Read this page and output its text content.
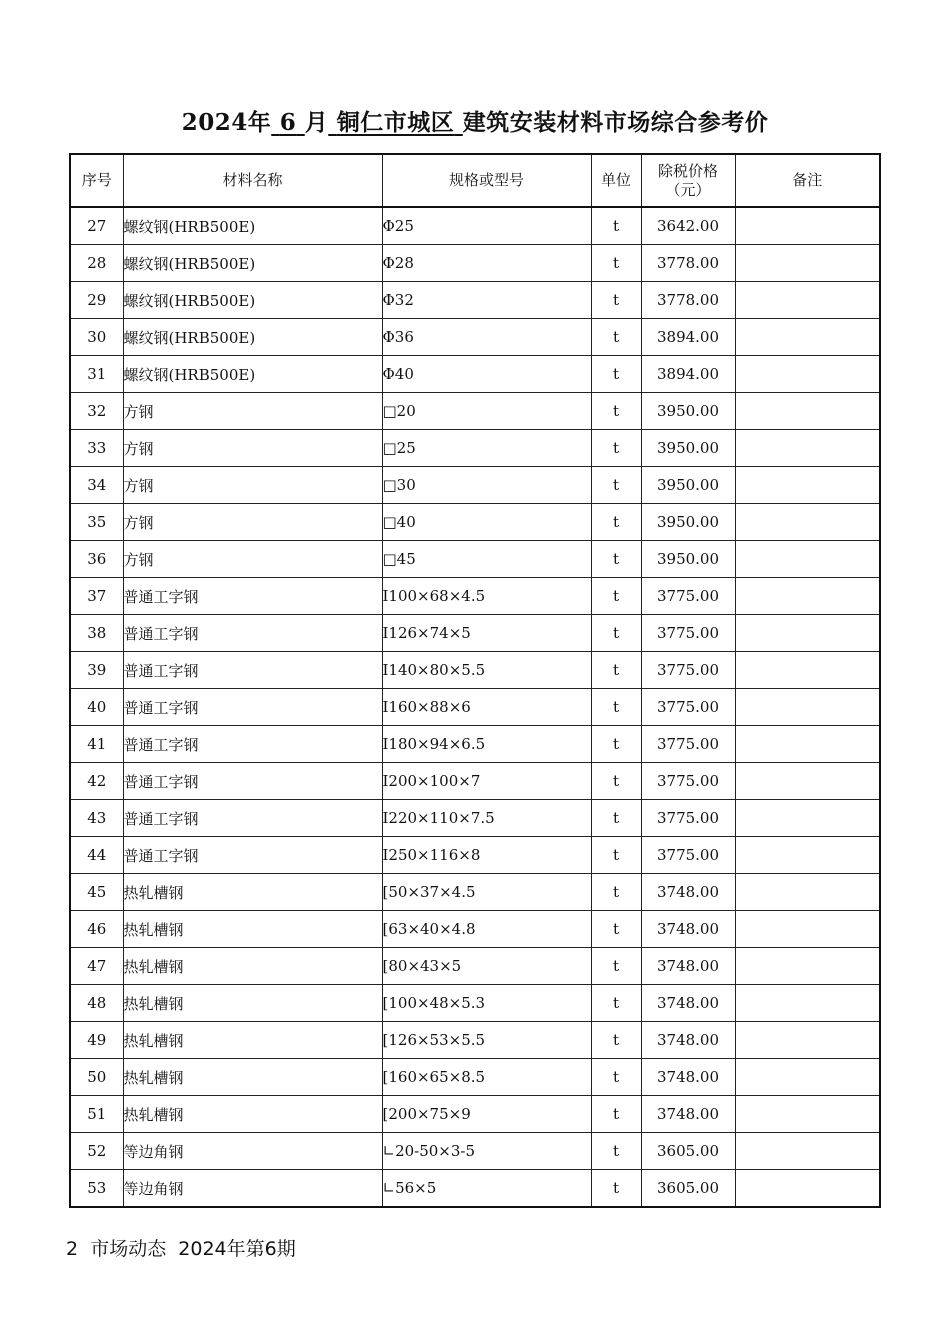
2024年 6 月 铜仁市城区 建筑安装材料市场综合参考价
序号	材料名称	规格或型号	单位	除税价格
（元）	备注
27	螺纹钢(HRB500E)	Φ25	t	3642.00	
28	螺纹钢(HRB500E)	Φ28	t	3778.00	
29	螺纹钢(HRB500E)	Φ32	t	3778.00	
30	螺纹钢(HRB500E)	Φ36	t	3894.00	
31	螺纹钢(HRB500E)	Φ40	t	3894.00	
32	方钢	□20	t	3950.00	
33	方钢	□25	t	3950.00	
34	方钢	□30	t	3950.00	
35	方钢	□40	t	3950.00	
36	方钢	□45	t	3950.00	
37	普通工字钢	I100×68×4.5	t	3775.00	
38	普通工字钢	I126×74×5	t	3775.00	
39	普通工字钢	I140×80×5.5	t	3775.00	
40	普通工字钢	I160×88×6	t	3775.00	
41	普通工字钢	I180×94×6.5	t	3775.00	
42	普通工字钢	I200×100×7	t	3775.00	
43	普通工字钢	I220×110×7.5	t	3775.00	
44	普通工字钢	I250×116×8	t	3775.00	
45	热轧槽钢	[50×37×4.5	t	3748.00	
46	热轧槽钢	[63×40×4.8	t	3748.00	
47	热轧槽钢	[80×43×5	t	3748.00	
48	热轧槽钢	[100×48×5.3	t	3748.00	
49	热轧槽钢	[126×53×5.5	t	3748.00	
50	热轧槽钢	[160×65×8.5	t	3748.00	
51	热轧槽钢	[200×75×9	t	3748.00	
52	等边角钢	∟20-50×3-5	t	3605.00	
53	等边角钢	∟56×5	t	3605.00	
2 市场动态 2024年第6期
